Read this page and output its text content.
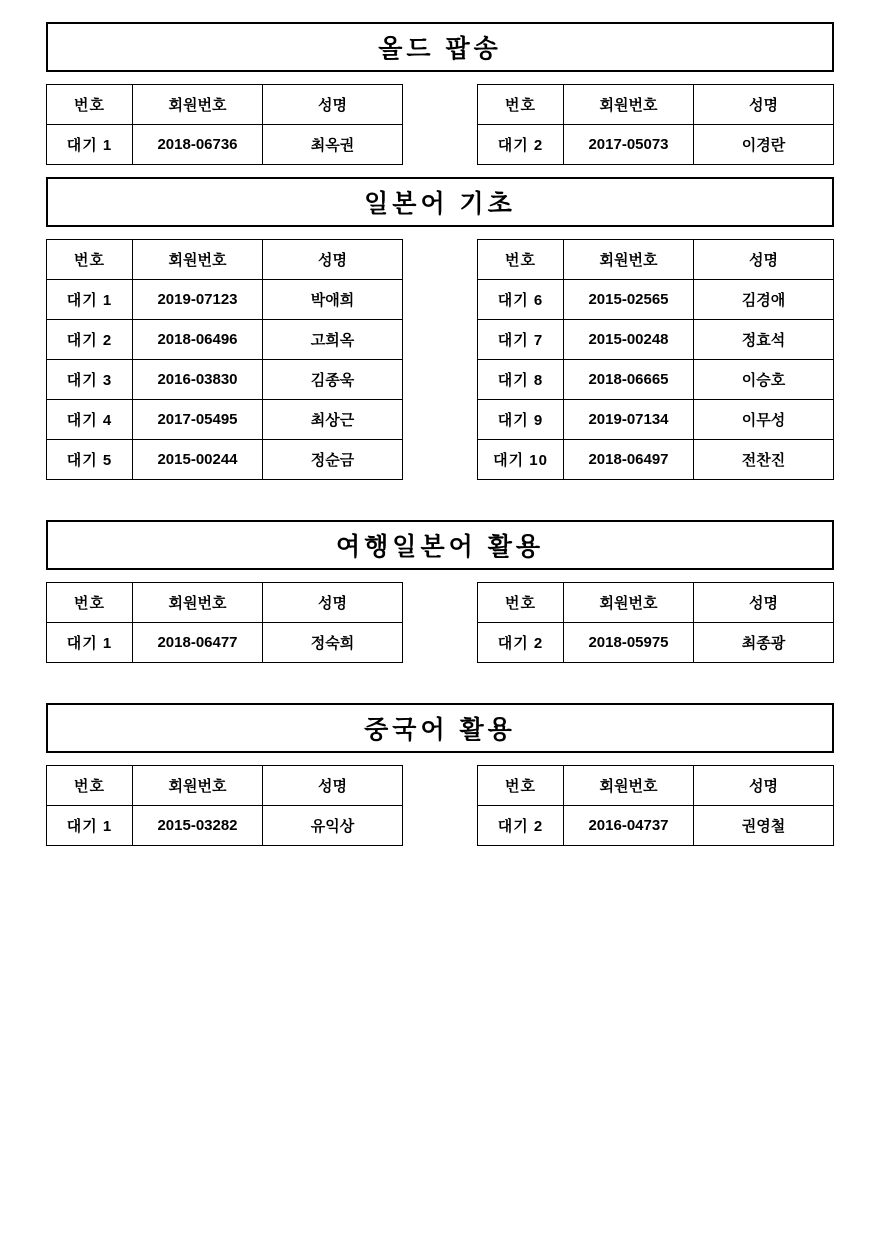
올드 팝송
번호	회원번호	성명
대기 1	2018-06736	최옥권
번호	회원번호	성명
대기 2	2017-05073	이경란
일본어 기초
번호	회원번호	성명
대기 1	2019-07123	박애희
대기 2	2018-06496	고희옥
대기 3	2016-03830	김종욱
대기 4	2017-05495	최상근
대기 5	2015-00244	정순금
번호	회원번호	성명
대기 6	2015-02565	김경애
대기 7	2015-00248	정효석
대기 8	2018-06665	이승호
대기 9	2019-07134	이무성
대기 10	2018-06497	전찬진
여행일본어 활용
번호	회원번호	성명
대기 1	2018-06477	정숙희
번호	회원번호	성명
대기 2	2018-05975	최종광
중국어 활용
번호	회원번호	성명
대기 1	2015-03282	유익상
번호	회원번호	성명
대기 2	2016-04737	권영철
